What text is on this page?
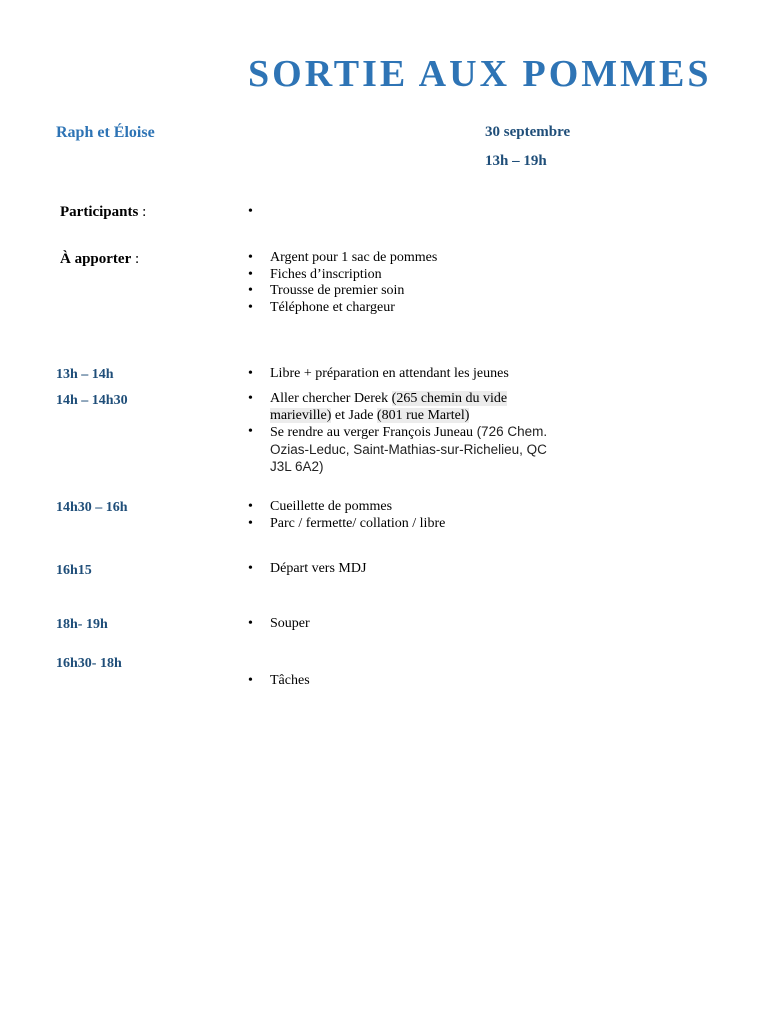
SORTIE AUX POMMES
Raph et Éloise	30 septembre
13h – 19h
Participants :
À apporter :	• Argent pour 1 sac de pommes
• Fiches d’inscription
• Trousse de premier soin
• Téléphone et chargeur
13h – 14h	• Libre + préparation en attendant les jeunes
14h – 14h30	• Aller chercher Derek (265 chemin du vide marieville) et Jade (801 rue Martel)
• Se rendre au verger François Juneau (726 Chem. Ozias-Leduc, Saint-Mathias-sur-Richelieu, QC J3L 6A2)
14h30 – 16h	• Cueillette de pommes
• Parc / fermette/ collation / libre
16h15	• Départ vers MDJ
18h- 19h	• Souper
16h30- 18h
• Tâches
